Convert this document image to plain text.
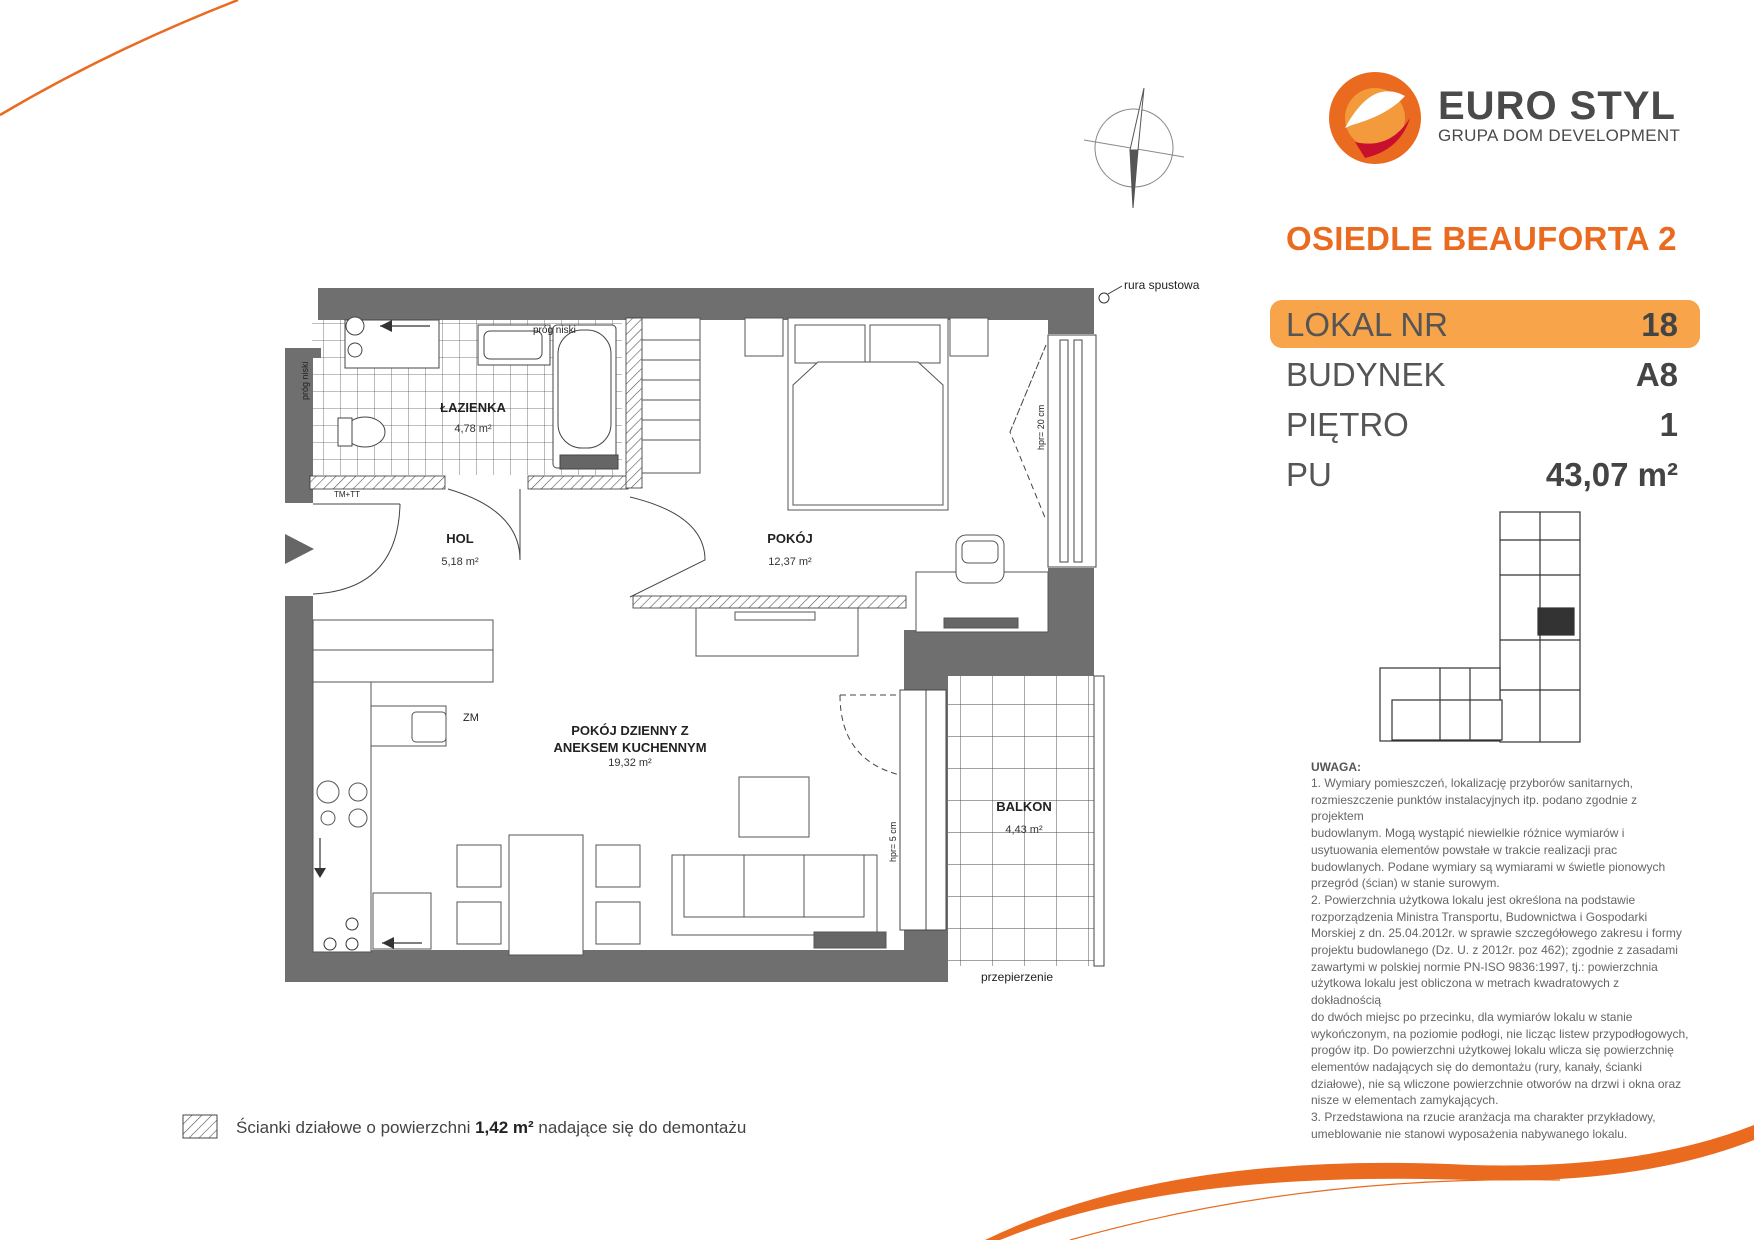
EURO STYL
GRUPA DOM DEVELOPMENT
OSIEDLE BEAUFORTA 2
LOKAL NR	18
BUDYNEK	A8
PIĘTRO	1
PU	43,07 m²
ŁAZIENKA
4,78 m²
HOL
5,18 m²
POKÓJ
12,37 m²
POKÓJ DZIENNY Z
ANEKSEM KUCHENNYM
19,32 m²
BALKON
4,43 m²
rura spustowa
próg niski
próg niski
TM+TT
ZM
hpr= 20 cm
hpr= 5 cm
przepierzenie
UWAGA:
1. Wymiary pomieszczeń, lokalizację przyborów sanitarnych,
rozmieszczenie punktów instalacyjnych itp. podano zgodnie z projektem
budowlanym. Mogą wystąpić niewielkie różnice wymiarów i
usytuowania elementów powstałe w trakcie realizacji prac
budowlanych. Podane wymiary są wymiarami w świetle pionowych
przegród (ścian) w stanie surowym.
2. Powierzchnia użytkowa lokalu jest określona na podstawie
rozporządzenia Ministra Transportu, Budownictwa i Gospodarki
Morskiej z dn. 25.04.2012r. w sprawie szczegółowego zakresu i formy
projektu budowlanego (Dz. U. z 2012r. poz 462); zgodnie z zasadami
zawartymi w polskiej normie PN-ISO 9836:1997, tj.: powierzchnia
użytkowa lokalu jest obliczona w metrach kwadratowych z dokładnością
do dwóch miejsc po przecinku, dla wymiarów lokalu w stanie
wykończonym, na poziomie podłogi, nie licząc listew przypodłogowych,
progów itp. Do powierzchni użytkowej lokalu wlicza się powierzchnię
elementów nadających się do demontażu (rury, kanały, ścianki
działowe), nie są wliczone powierzchnie otworów na drzwi i okna oraz
nisze w elementach zamykających.
3. Przedstawiona na rzucie aranżacja ma charakter przykładowy,
umeblowanie nie stanowi wyposażenia nabywanego lokalu.
Ścianki działowe o powierzchni 1,42 m² nadające się do demontażu
